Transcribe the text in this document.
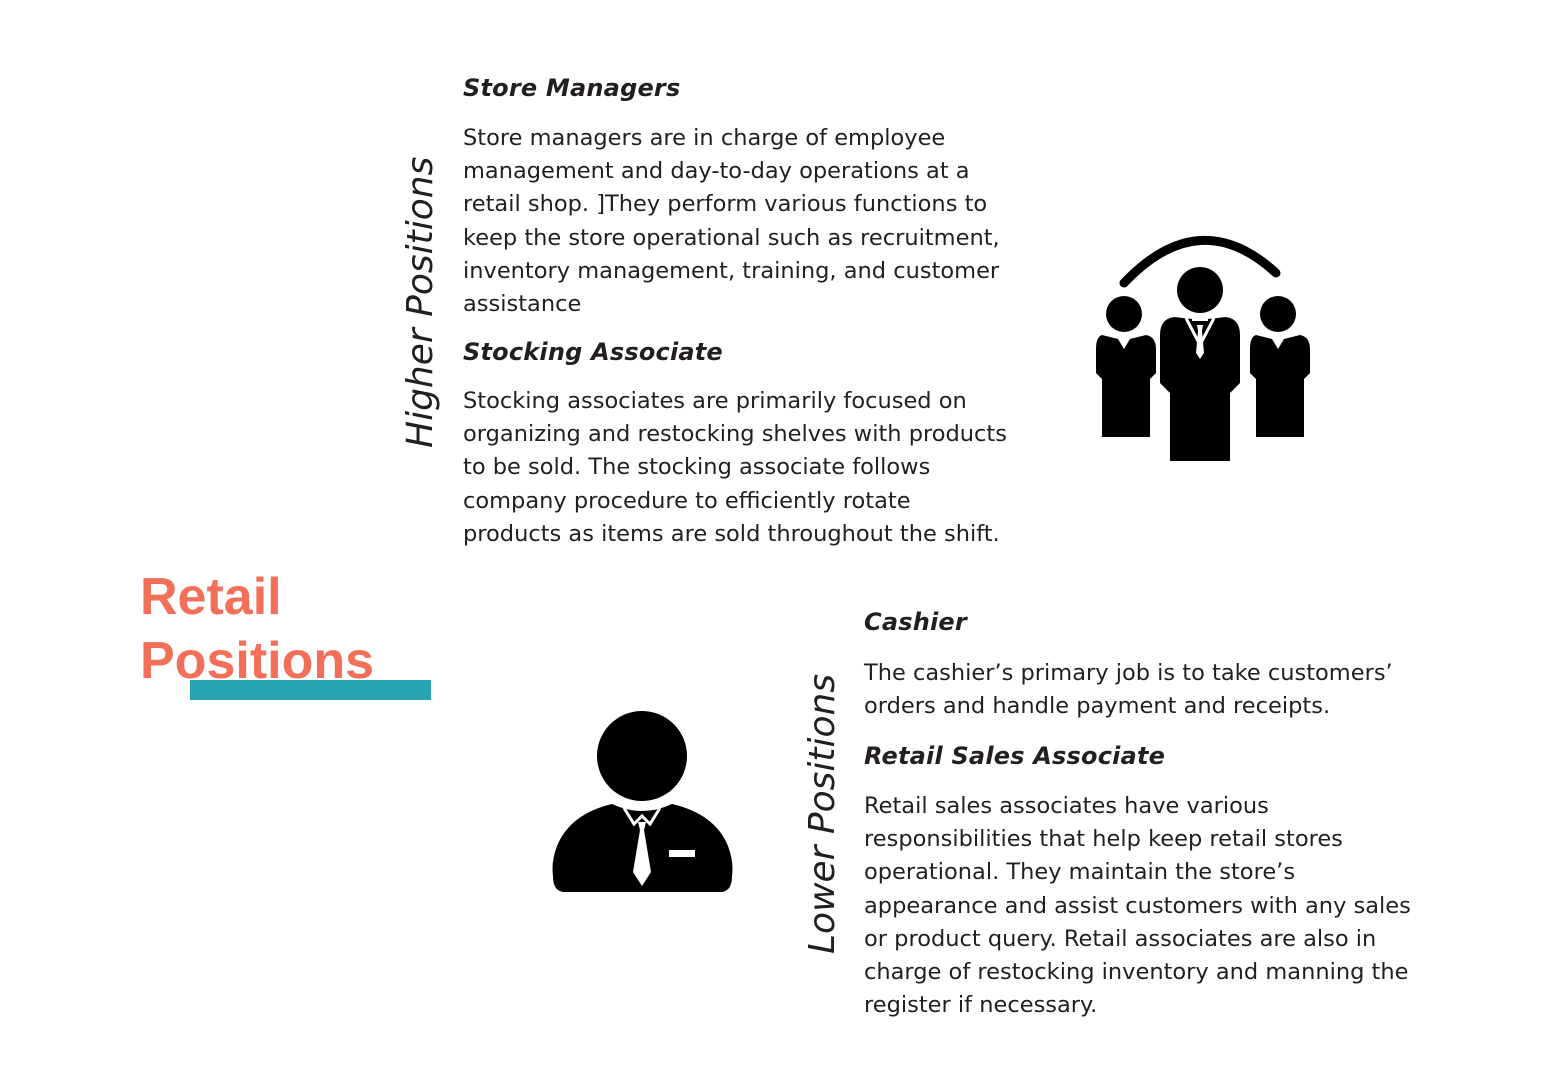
Retail
Positions
Higher Positions
Store Managers
Store managers are in charge of employee
management and day-to-day operations at a
retail shop. ]They perform various functions to
keep the store operational such as recruitment,
inventory management, training, and customer
assistance
Stocking Associate
Stocking associates are primarily focused on
organizing and restocking shelves with products
to be sold. The stocking associate follows
company procedure to efficiently rotate
products as items are sold throughout the shift.
Lower Positions
Cashier
The cashier’s primary job is to take customers’
orders and handle payment and receipts.
Retail Sales Associate
Retail sales associates have various
responsibilities that help keep retail stores
operational. They maintain the store’s
appearance and assist customers with any sales
or product query. Retail associates are also in
charge of restocking inventory and manning the
register if necessary.
